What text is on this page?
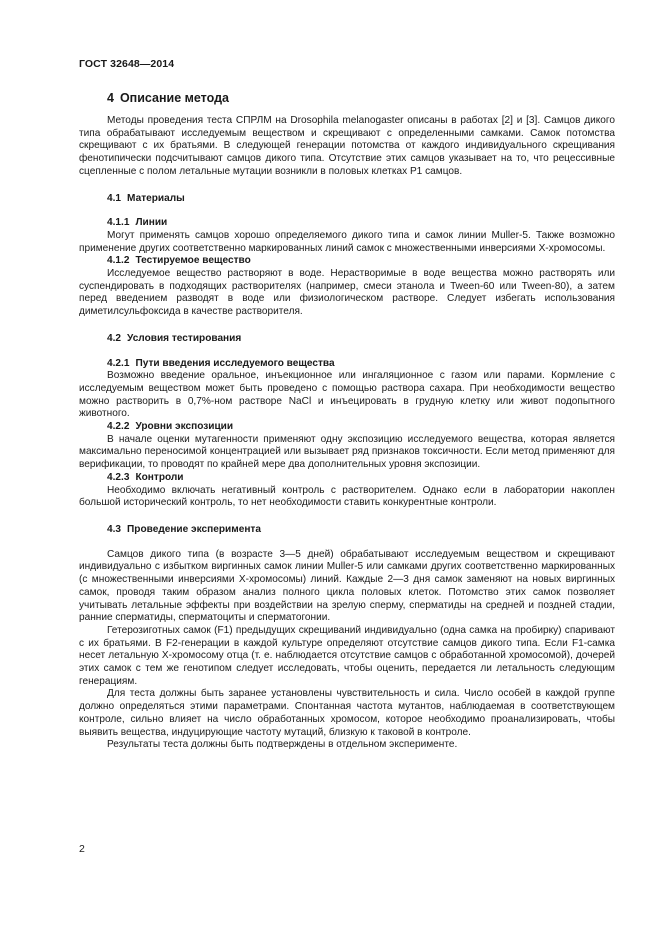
ГОСТ 32648—2014
4 Описание метода

Методы проведения теста СПРЛМ на Drosophila melanogaster описаны в работах [2] и [3]. Самцов дикого типа обрабатывают исследуемым веществом и скрещивают с определенными самками. Самок потомства скрещивают с их братьями. В следующей генерации потомства от каждого индивидуального скрещивания фенотипически подсчитывают самцов дикого типа. Отсутствие этих самцов указывает на то, что рецессивные сцепленные с полом летальные мутации возникли в половых клетках P1 самцов.

4.1 Материалы
4.1.1 Линии

Могут применять самцов хорошо определяемого дикого типа и самок линии Muller-5. Также возможно применение других соответственно маркированных линий самок с множественными инверсиями X-хромосомы.

4.1.2 Тестируемое вещество

Исследуемое вещество растворяют в воде. Нерастворимые в воде вещества можно растворять или суспендировать в подходящих растворителях (например, смеси этанола и Tween-60 или Tween-80), а затем перед введением разводят в воде или физиологическом растворе. Следует избегать использования диметилсульфоксида в качестве растворителя.

4.2 Условия тестирования
4.2.1 Пути введения исследуемого вещества

Возможно введение оральное, инъекционное или ингаляционное с газом или парами. Кормление с исследуемым веществом может быть проведено с помощью раствора сахара. При необходимости вещество можно растворить в 0,7%-ном растворе NaCl и инъецировать в грудную клетку или живот подопытного животного.

4.2.2 Уровни экспозиции

В начале оценки мутагенности применяют одну экспозицию исследуемого вещества, которая является максимально переносимой концентрацией или вызывает ряд признаков токсичности. Если метод применяют для верификации, то проводят по крайней мере два дополнительных уровня экспозиции.

4.2.3 Контроли

Необходимо включать негативный контроль с растворителем. Однако если в лаборатории накоплен большой исторический контроль, то нет необходимости ставить конкурентные контроли.

4.3 Проведение эксперимента

Самцов дикого типа (в возрасте 3—5 дней) обрабатывают исследуемым веществом и скрещивают индивидуально с избытком виргинных самок линии Muller-5 или самками других соответственно маркированных (с множественными инверсиями X-хромосомы) линий. Каждые 2—3 дня самок заменяют на новых виргинных самок, проводя таким образом анализ полного цикла половых клеток. Потомство этих самок позволяет учитывать летальные эффекты при воздействии на зрелую сперму, сперматиды на средней и поздней стадии, ранние сперматиды, сперматоциты и сперматогонии.

Гетерозиготных самок (F1) предыдущих скрещиваний индивидуально (одна самка на пробирку) спаривают с их братьями. В F2-генерации в каждой культуре определяют отсутствие самцов дикого типа. Если F1-самка несет летальную X-хромосому отца (т. е. наблюдается отсутствие самцов с обработанной хромосомой), дочерей этих самок с тем же генотипом следует исследовать, чтобы оценить, передается ли летальность следующим генерациям.

Для теста должны быть заранее установлены чувствительность и сила. Число особей в каждой группе должно определяться этими параметрами. Спонтанная частота мутантов, наблюдаемая в соответствующем контроле, сильно влияет на число обработанных хромосом, которое необходимо проанализировать, чтобы выявить вещества, индуцирующие частоту мутаций, близкую к таковой в контроле.

Результаты теста должны быть подтверждены в отдельном эксперименте.

2
